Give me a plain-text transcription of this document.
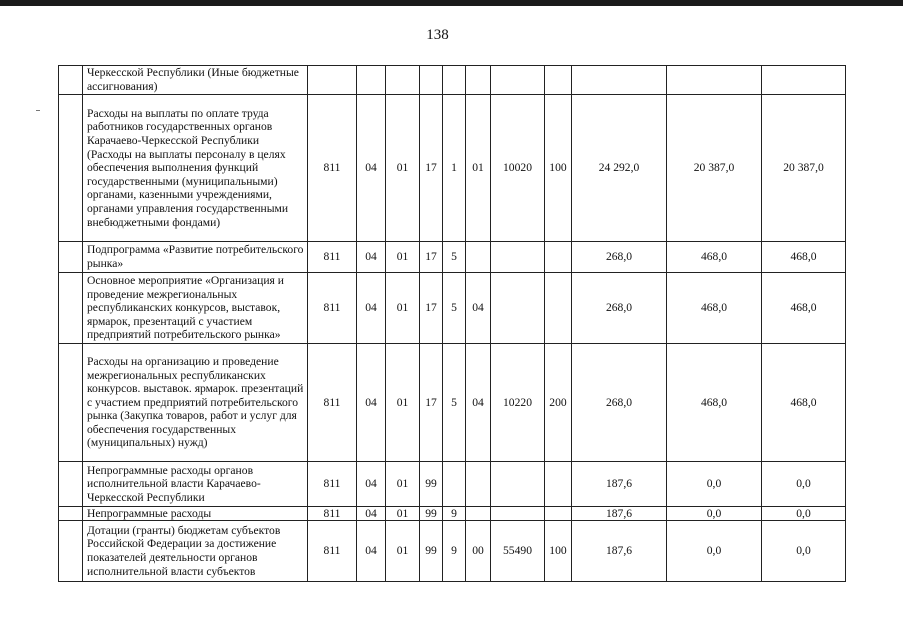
138
	Черкесской Республики (Иные бюджетные ассигнования)											
	Расходы на выплаты по оплате труда работников государственных органов Карачаево-Черкесской Республики (Расходы на выплаты персоналу в целях обеспечения выполнения функций государственными (муниципальными) органами, казенными учреждениями, органами управления государственными внебюджетными фондами)	811	04	01	17	1	01	10020	100	24 292,0	20 387,0	20 387,0
	Подпрограмма «Развитие потребительского рынка»	811	04	01	17	5				268,0	468,0	468,0
	Основное мероприятие «Организация и проведение межрегиональных республиканских конкурсов, выставок, ярмарок, презентаций с участием предприятий потребительского рынка»	811	04	01	17	5	04			268,0	468,0	468,0
	Расходы на организацию и проведение межрегиональных республиканских конкурсов. выставок. ярмарок. презентаций с участием предприятий потребительского рынка (Закупка товаров, работ и услуг для обеспечения государственных (муниципальных) нужд)	811	04	01	17	5	04	10220	200	268,0	468,0	468,0
	Непрограммные расходы органов исполнительной власти Карачаево-Черкесской Республики	811	04	01	99					187,6	0,0	0,0
	Непрограммные расходы	811	04	01	99	9				187,6	0,0	0,0
	Дотации (гранты) бюджетам субъектов Российской Федерации за достижение показателей деятельности органов исполнительной власти субъектов	811	04	01	99	9	00	55490	100	187,6	0,0	0,0
